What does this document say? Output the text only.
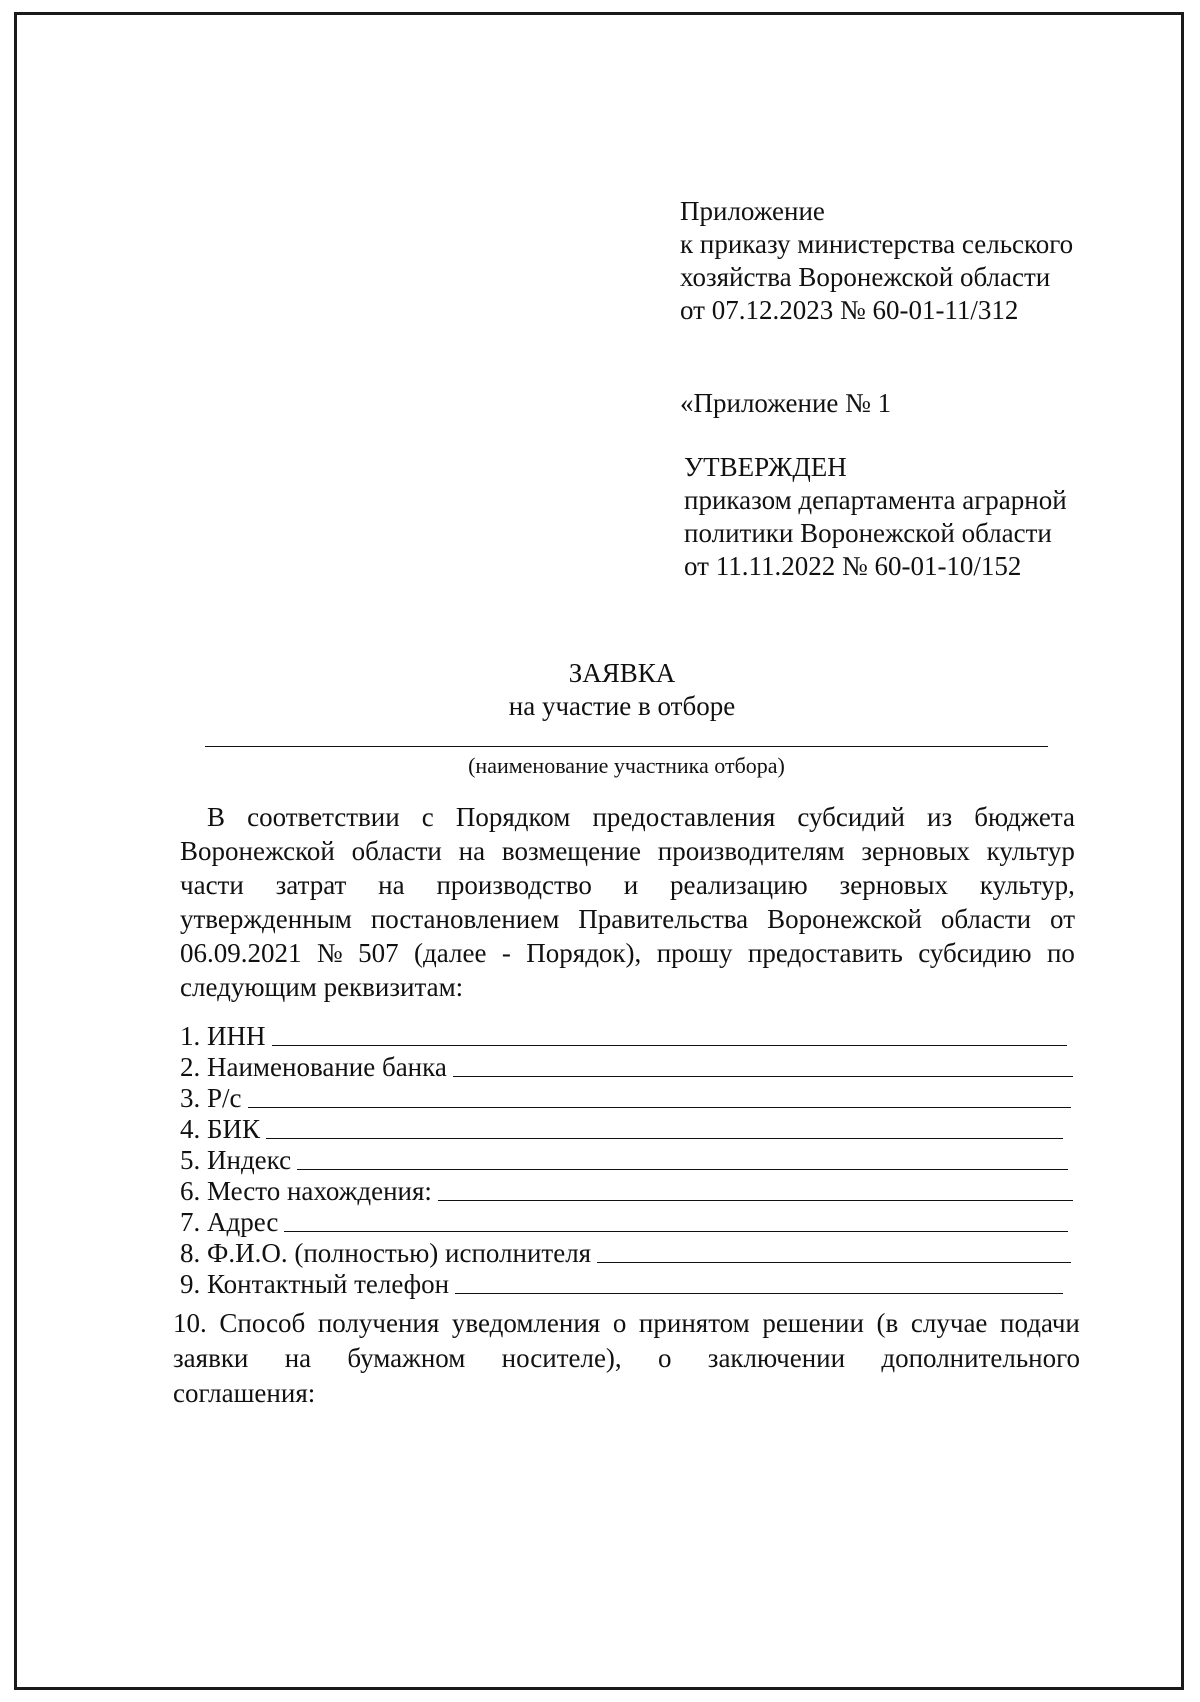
Приложение
к приказу министерства сельского
хозяйства Воронежской области
от 07.12.2023 № 60-01-11/312
«Приложение № 1
УТВЕРЖДЕН
приказом департамента аграрной
политики Воронежской области
от 11.11.2022 № 60-01-10/152
ЗАЯВКА
на участие в отборе
(наименование участника отбора)
В соответствии с Порядком предоставления субсидий из бюджета
Воронежской области на возмещение производителям зерновых культур
части затрат на производство и реализацию зерновых культур,
утвержденным постановлением Правительства Воронежской области от
06.09.2021 № 507 (далее - Порядок), прошу предоставить субсидию по
следующим реквизитам:
1. ИНН
2. Наименование банка
3. Р/с
4. БИК
5. Индекс
6. Место нахождения:
7. Адрес
8. Ф.И.О. (полностью) исполнителя
9. Контактный телефон
10. Способ получения уведомления о принятом решении (в случае подачи
заявки на бумажном носителе), о заключении дополнительного
соглашения:
